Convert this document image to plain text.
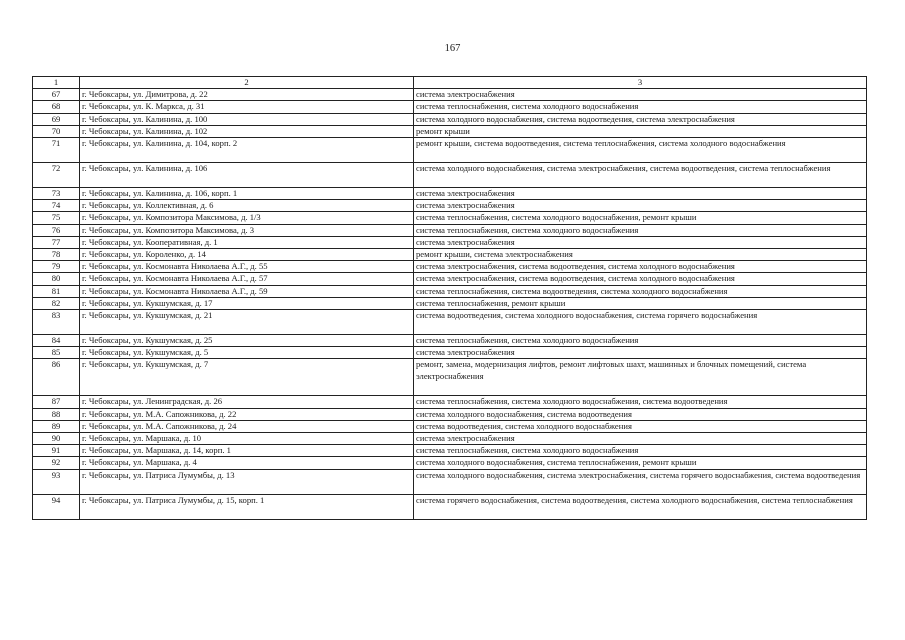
167
1	2	3
67	г. Чебоксары, ул. Димитрова, д. 22	система электроснабжения
68	г. Чебоксары, ул. К. Маркса, д. 31	система теплоснабжения, система холодного водоснабжения
69	г. Чебоксары, ул. Калинина, д. 100	система холодного водоснабжения, система водоотведения, система электроснабжения
70	г. Чебоксары, ул. Калинина, д. 102	ремонт крыши
71	г. Чебоксары, ул. Калинина, д. 104, корп. 2	ремонт крыши, система водоотведения, система теплоснабжения, система холодного водоснабжения
72	г. Чебоксары, ул. Калинина, д. 106	система холодного водоснабжения, система электроснабжения, система водоотведения, система теплоснабжения
73	г. Чебоксары, ул. Калинина, д. 106, корп. 1	система электроснабжения
74	г. Чебоксары, ул. Коллективная, д. 6	система электроснабжения
75	г. Чебоксары, ул. Композитора Максимова, д. 1/3	система теплоснабжения, система холодного водоснабжения, ремонт крыши
76	г. Чебоксары, ул. Композитора Максимова, д. 3	система теплоснабжения, система холодного водоснабжения
77	г. Чебоксары, ул. Кооперативная, д. 1	система электроснабжения
78	г. Чебоксары, ул. Короленко, д. 14	ремонт крыши, система электроснабжения
79	г. Чебоксары, ул. Космонавта Николаева А.Г., д. 55	система электроснабжения, система водоотведения, система холодного водоснабжения
80	г. Чебоксары, ул. Космонавта Николаева А.Г., д. 57	система электроснабжения, система водоотведения, система холодного водоснабжения
81	г. Чебоксары, ул. Космонавта Николаева А.Г., д. 59	система теплоснабжения, система водоотведения, система холодного водоснабжения
82	г. Чебоксары, ул. Кукшумская, д. 17	система теплоснабжения, ремонт крыши
83	г. Чебоксары, ул. Кукшумская, д. 21	система водоотведения, система холодного водоснабжения, система горячего водоснабжения
84	г. Чебоксары, ул. Кукшумская, д. 25	система теплоснабжения, система холодного водоснабжения
85	г. Чебоксары, ул. Кукшумская, д. 5	система электроснабжения
86	г. Чебоксары, ул. Кукшумская, д. 7	ремонт, замена, модернизация лифтов, ремонт лифтовых шахт, машинных и блочных помещений, система электроснабжения
87	г. Чебоксары, ул. Ленинградская, д. 26	система теплоснабжения, система холодного водоснабжения, система водоотведения
88	г. Чебоксары, ул. М.А. Сапожникова, д. 22	система холодного водоснабжения, система водоотведения
89	г. Чебоксары, ул. М.А. Сапожникова, д. 24	система водоотведения, система холодного водоснабжения
90	г. Чебоксары, ул. Маршака, д. 10	система электроснабжения
91	г. Чебоксары, ул. Маршака, д. 14, корп. 1	система теплоснабжения, система холодного водоснабжения
92	г. Чебоксары, ул. Маршака, д. 4	система холодного водоснабжения, система теплоснабжения, ремонт крыши
93	г. Чебоксары, ул. Патриса Лумумбы, д. 13	система холодного водоснабжения, система электроснабжения, система горячего водоснабжения, система водоотведения
94	г. Чебоксары, ул. Патриса Лумумбы, д. 15, корп. 1	система горячего водоснабжения, система водоотведения, система холодного водоснабжения, система теплоснабжения
